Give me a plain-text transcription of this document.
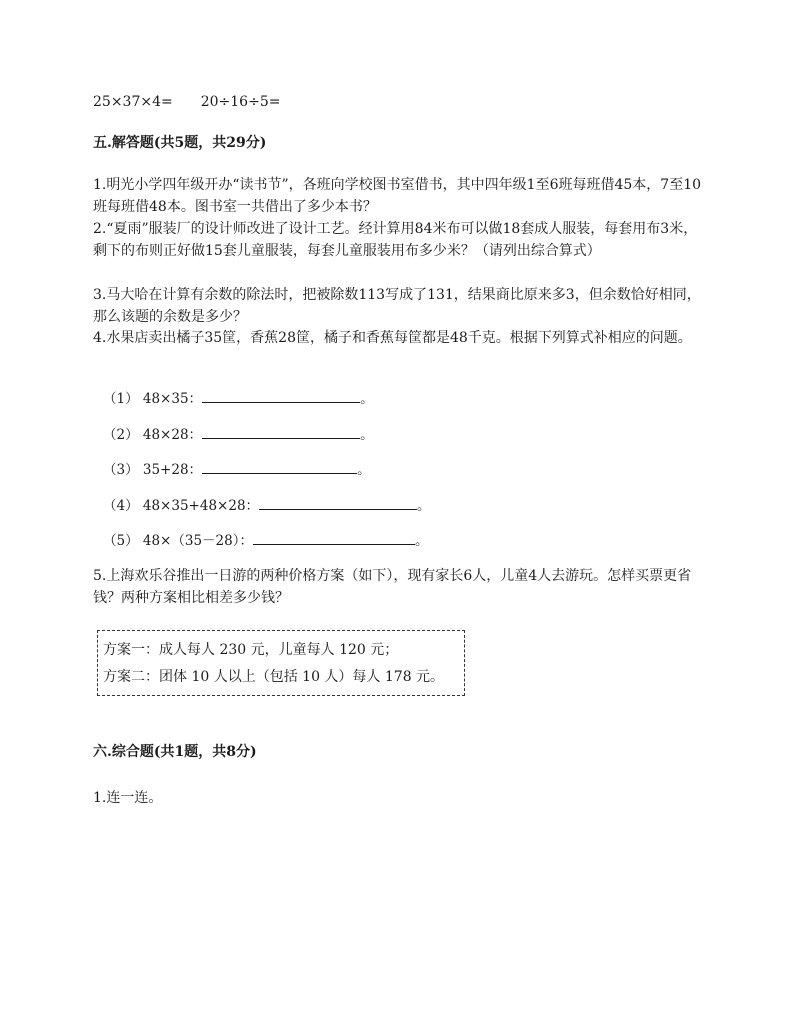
25×37×4= 20÷16÷5=
五.解答题(共5题，共29分)
1.明光小学四年级开办“读书节”，各班向学校图书室借书，其中四年级1至6班每班借45本，7至10班每班借48本。图书室一共借出了多少本书？
2.“夏雨”服装厂的设计师改进了设计工艺。经计算用84米布可以做18套成人服装，每套用布3米，剩下的布则正好做15套儿童服装，每套儿童服装用布多少米？（请列出综合算式）
3.马大哈在计算有余数的除法时，把被除数113写成了131，结果商比原来多3，但余数恰好相同，那么该题的余数是多少？
4.水果店卖出橘子35筐，香蕉28筐，橘子和香蕉每筐都是48千克。根据下列算式补相应的问题。
（1） 48×35：	。
（2） 48×28：	。
（3） 35+28：	。
（4） 48×35+48×28：	。
（5） 48×（35－28）：	。
5.上海欢乐谷推出一日游的两种价格方案（如下），现有家长6人，儿童4人去游玩。怎样买票更省钱？两种方案相比相差多少钱？
方案一：成人每人 230 元，儿童每人 120 元；
方案二：团体 10 人以上（包括 10 人）每人 178 元。
六.综合题(共1题，共8分)
1.连一连。
